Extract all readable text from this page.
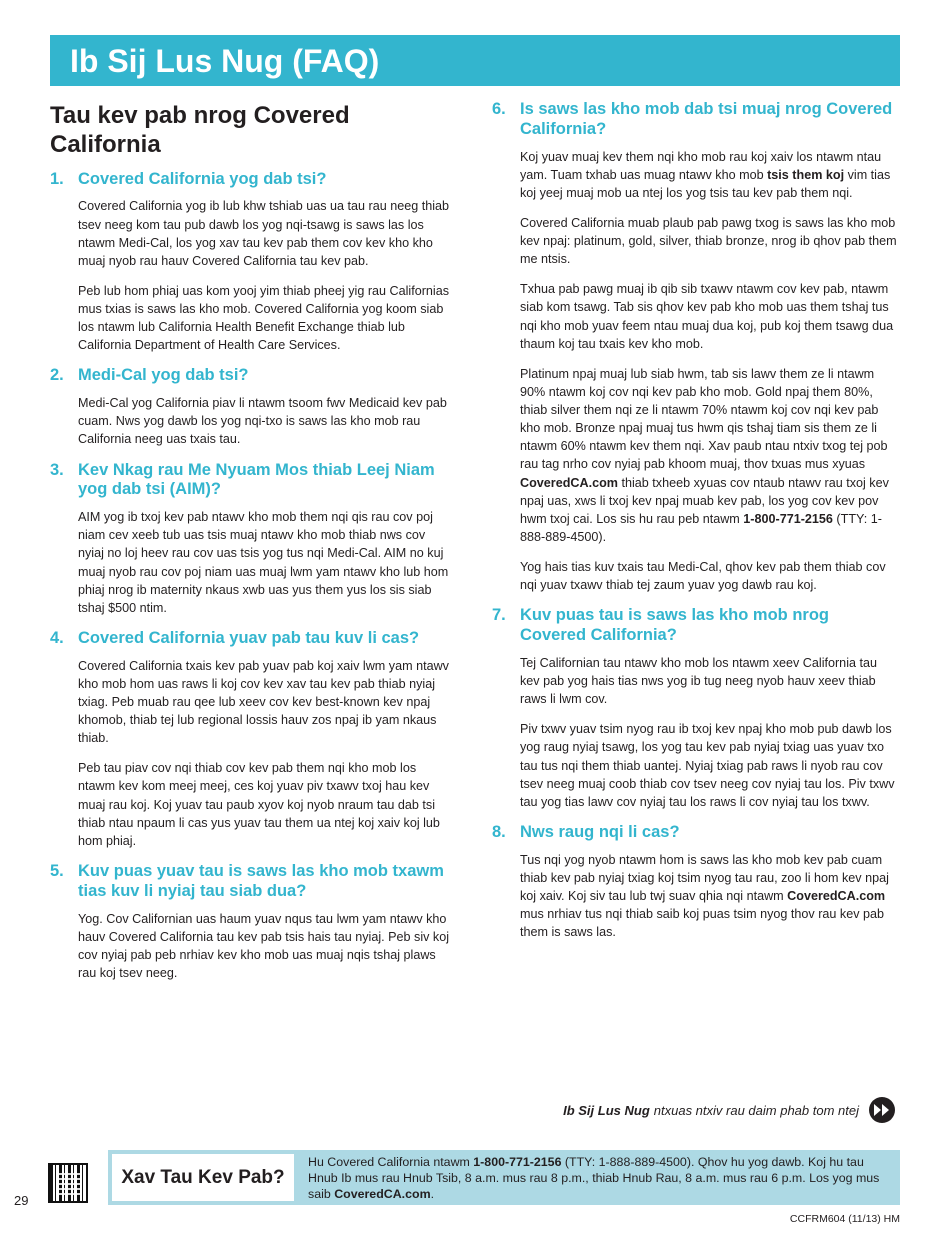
Ib Sij Lus Nug (FAQ)
Tau kev pab nrog Covered California
1. Covered California yog dab tsi?

Covered California yog ib lub khw tshiab uas ua tau rau neeg thiab tsev neeg kom tau pub dawb los yog nqi-tsawg is saws las los ntawm Medi-Cal, los yog xav tau kev pab them cov kev kho kho muaj nyob rau hauv Covered California tau kev pab.

Peb lub hom phiaj uas kom yooj yim thiab pheej yig rau Californias mus txias is saws las kho mob. Covered California yog koom siab los ntawm lub California Health Benefit Exchange thiab lub California Department of Health Care Services.

2. Medi-Cal yog dab tsi?

Medi-Cal yog California piav li ntawm tsoom fwv Medicaid kev pab cuam. Nws yog dawb los yog nqi-txo is saws las kho mob rau California neeg uas txais tau.

3. Kev Nkag rau Me Nyuam Mos thiab Leej Niam yog dab tsi (AIM)?

AIM yog ib txoj kev pab ntawv kho mob them nqi qis rau cov poj niam cev xeeb tub uas tsis muaj ntawv kho mob thiab nws cov nyiaj no loj heev rau cov uas tsis yog tus nqi Medi-Cal. AIM no kuj muaj nyob rau cov poj niam uas muaj lwm yam ntawv kho lub hom phiaj nrog ib maternity nkaus xwb uas yus them yus los sis siab tshaj $500 ntim.

4. Covered California yuav pab tau kuv li cas?

Covered California txais kev pab yuav pab koj xaiv lwm yam ntawv kho mob hom uas raws li koj cov kev xav tau kev pab thiab nyiaj txiag. Peb muab rau qee lub xeev cov kev best-known kev npaj khomob, thiab tej lub regional lossis hauv zos npaj ib yam nkaus thiab.

Peb tau piav cov nqi thiab cov kev pab them nqi kho mob los ntawm kev kom meej meej, ces koj yuav piv txawv txoj hau kev muaj rau koj. Koj yuav tau paub xyov koj nyob nraum tau dab tsi thiab ntau npaum li cas yus yuav tau them ua ntej koj xaiv koj lub hom phiaj.

5. Kuv puas yuav tau is saws las kho mob txawm tias kuv li nyiaj tau siab dua?

Yog. Cov Californian uas haum yuav nqus tau lwm yam ntawv kho hauv Covered California tau kev pab tsis hais tau nyiaj. Peb siv koj cov nyiaj pab peb nrhiav kev kho mob uas muaj nqis tshaj plaws rau koj tsev neeg.

6. Is saws las kho mob dab tsi muaj nrog Covered California?

Koj yuav muaj kev them nqi kho mob rau koj xaiv los ntawm ntau yam. Tuam txhab uas muag ntawv kho mob tsis them koj vim tias koj yeej muaj mob ua ntej los yog tsis tau kev pab them nqi.

Covered California muab plaub pab pawg txog is saws las kho mob kev npaj: platinum, gold, silver, thiab bronze, nrog ib qhov pab them me ntsis.

Txhua pab pawg muaj ib qib sib txawv ntawm cov kev pab, ntawm siab kom tsawg. Tab sis qhov kev pab kho mob uas them tshaj tus nqi kho mob yuav feem ntau muaj dua koj, pub koj them tsawg dua thaum koj tau txais kev kho mob.

Platinum npaj muaj lub siab hwm, tab sis lawv them ze li ntawm 90% ntawm koj cov nqi kev pab kho mob. Gold npaj them 80%, thiab silver them nqi ze li ntawm 70% ntawm koj cov nqi kev pab kho mob. Bronze npaj muaj tus hwm qis tshaj tiam sis them ze li ntawm 60% ntawm kev them nqi. Xav paub ntau ntxiv txog tej pob rau tag nrho cov nyiaj pab khoom muaj, thov txuas mus xyuas CoveredCA.com thiab txheeb xyuas cov ntaub ntawv rau txoj kev npaj uas, xws li txoj kev npaj muab kev pab, los yog cov kev pov hwm txoj cai. Los sis hu rau peb ntawm 1-800-771-2156 (TTY: 1-888-889-4500).

Yog hais tias kuv txais tau Medi-Cal, qhov kev pab them thiab cov nqi yuav txawv thiab tej zaum yuav yog dawb rau koj.

7. Kuv puas tau is saws las kho mob nrog Covered California?

Tej Californian tau ntawv kho mob los ntawm xeev California tau kev pab yog hais tias nws yog ib tug neeg nyob hauv xeev thiab raws li lwm cov.

Piv txwv yuav tsim nyog rau ib txoj kev npaj kho mob pub dawb los yog raug nyiaj tsawg, los yog tau kev pab nyiaj txiag uas yuav txo tau tus nqi them thiab uantej. Nyiaj txiag pab raws li nyob rau cov tsev neeg muaj coob thiab cov tsev neeg cov nyiaj tau los. Piv txwv tau yog tias lawv cov nyiaj tau los raws li cov nyiaj tau los txwv.

8. Nws raug nqi li cas?

Tus nqi yog nyob ntawm hom is saws las kho mob kev pab cuam thiab kev pab nyiaj txiag koj tsim nyog tau rau, zoo li hom kev npaj koj xaiv. Koj siv tau lub twj suav qhia nqi ntawm CoveredCA.com mus nrhiav tus nqi thiab saib koj puas tsim nyog thov rau kev pab them is saws las.

Ib Sij Lus Nug ntxuas ntxiv rau daim phab tom ntej
29
Xav Tau Kev Pab?
Hu Covered California ntawm 1-800-771-2156 (TTY: 1-888-889-4500). Qhov hu yog dawb. Koj hu tau Hnub Ib mus rau Hnub Tsib, 8 a.m. mus rau 8 p.m., thiab Hnub Rau, 8 a.m. mus rau 6 p.m. Los yog mus saib CoveredCA.com.
CCFRM604 (11/13) HM
